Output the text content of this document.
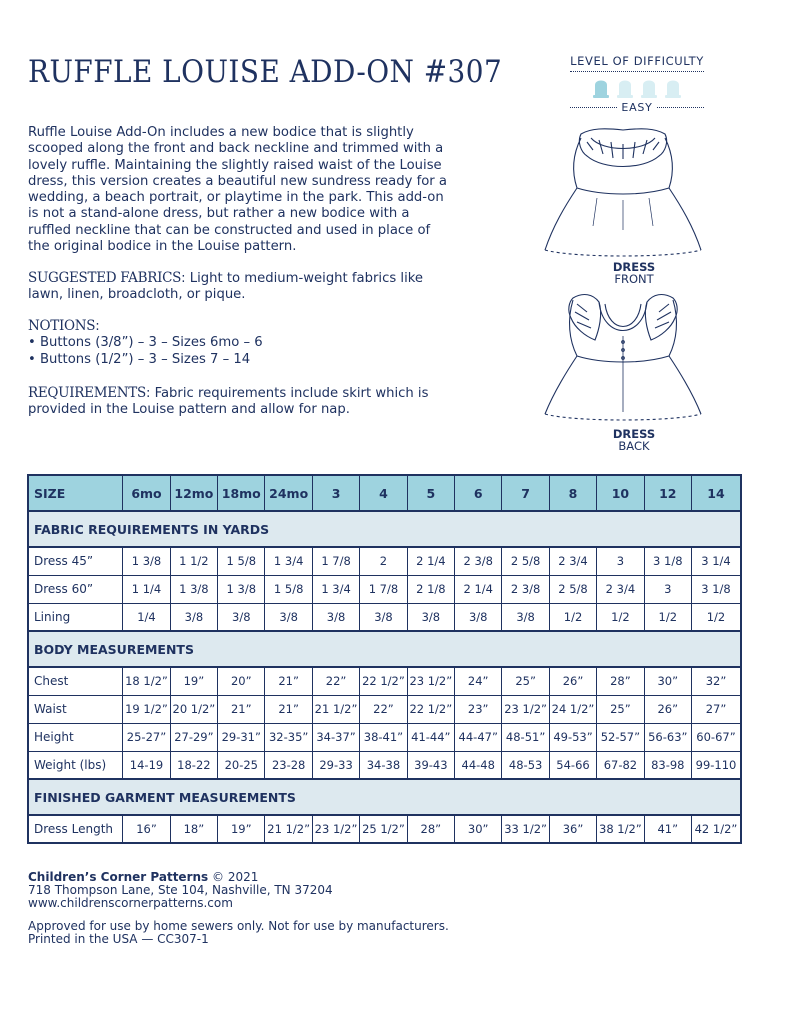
RUFFLE LOUISE ADD-ON #307

Ruffle Louise Add-On includes a new bodice that is slightly scooped along the front and back neckline and trimmed with a lovely ruffle. Maintaining the slightly raised waist of the Louise dress, this version creates a beautiful new sundress ready for a wedding, a beach portrait, or playtime in the park. This add-on is not a stand-alone dress, but rather a new bodice with a ruffled neckline that can be constructed and used in place of the original bodice in the Louise pattern.

SUGGESTED FABRICS: Light to medium-weight fabrics like lawn, linen, broadcloth, or pique.
NOTIONS:
• Buttons (3/8”) – 3 – Sizes 6mo – 6
• Buttons (1/2”) – 3 – Sizes 7 – 14
REQUIREMENTS: Fabric requirements include skirt which is provided in the Louise pattern and allow for nap.
LEVEL OF DIFFICULTY
EASY
DRESS
FRONT
DRESS
BACK
SIZE	6mo	12mo	18mo	24mo	3	4	5	6	7	8	10	12	14
FABRIC REQUIREMENTS IN YARDS													
Dress 45”	1 3/8	1 1/2	1 5/8	1 3/4	1 7/8	2	2 1/4	2 3/8	2 5/8	2 3/4	3	3 1/8	3 1/4
Dress 60”	1 1/4	1 3/8	1 3/8	1 5/8	1 3/4	1 7/8	2 1/8	2 1/4	2 3/8	2 5/8	2 3/4	3	3 1/8
Lining	1/4	3/8	3/8	3/8	3/8	3/8	3/8	3/8	3/8	1/2	1/2	1/2	1/2
BODY MEASUREMENTS													
Chest	18 1/2”	19”	20”	21”	22”	22 1/2”	23 1/2”	24”	25”	26”	28”	30”	32”
Waist	19 1/2”	20 1/2”	21”	21”	21 1/2”	22”	22 1/2”	23”	23 1/2”	24 1/2”	25”	26”	27”
Height	25-27”	27-29”	29-31”	32-35”	34-37”	38-41”	41-44”	44-47”	48-51”	49-53”	52-57”	56-63”	60-67”
Weight (lbs)	14-19	18-22	20-25	23-28	29-33	34-38	39-43	44-48	48-53	54-66	67-82	83-98	99-110
FINISHED GARMENT MEASUREMENTS													
Dress Length	16”	18”	19”	21 1/2”	23 1/2”	25 1/2”	28”	30”	33 1/2”	36”	38 1/2”	41”	42 1/2”
Children’s Corner Patterns © 2021
718 Thompson Lane, Ste 104, Nashville, TN 37204
www.childrenscornerpatterns.com
Approved for use by home sewers only. Not for use by manufacturers.
Printed in the USA — CC307-1
